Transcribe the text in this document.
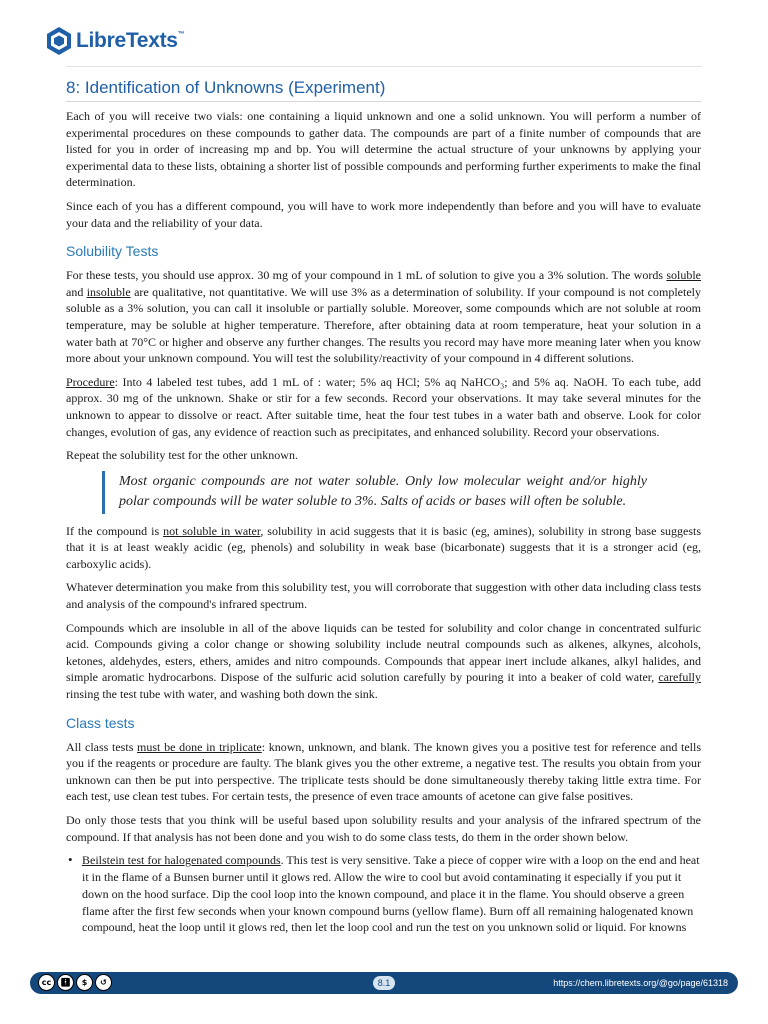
LibreTexts™
8: Identification of Unknowns (Experiment)

Each of you will receive two vials: one containing a liquid unknown and one a solid unknown. You will perform a number of experimental procedures on these compounds to gather data. The compounds are part of a finite number of compounds that are listed for you in order of increasing mp and bp. You will determine the actual structure of your unknowns by applying your experimental data to these lists, obtaining a shorter list of possible compounds and performing further experiments to make the final determination.

Since each of you has a different compound, you will have to work more independently than before and you will have to evaluate your data and the reliability of your data.

Solubility Tests

For these tests, you should use approx. 30 mg of your compound in 1 mL of solution to give you a 3% solution. The words soluble and insoluble are qualitative, not quantitative. We will use 3% as a determination of solubility. If your compound is not completely soluble as a 3% solution, you can call it insoluble or partially soluble. Moreover, some compounds which are not soluble at room temperature, may be soluble at higher temperature. Therefore, after obtaining data at room temperature, heat your solution in a water bath at 70°C or higher and observe any further changes. The results you record may have more meaning later when you know more about your unknown compound. You will test the solubility/reactivity of your compound in 4 different solutions.

Procedure: Into 4 labeled test tubes, add 1 mL of : water; 5% aq HCl; 5% aq NaHCO₃; and 5% aq. NaOH. To each tube, add approx. 30 mg of the unknown. Shake or stir for a few seconds. Record your observations. It may take several minutes for the unknown to appear to dissolve or react. After suitable time, heat the four test tubes in a water bath and observe. Look for color changes, evolution of gas, any evidence of reaction such as precipitates, and enhanced solubility. Record your observations.

Repeat the solubility test for the other unknown.

Most organic compounds are not water soluble. Only low molecular weight and/or highly polar compounds will be water soluble to 3%. Salts of acids or bases will often be soluble.

If the compound is not soluble in water, solubility in acid suggests that it is basic (eg, amines), solubility in strong base suggests that it is at least weakly acidic (eg, phenols) and solubility in weak base (bicarbonate) suggests that it is a stronger acid (eg, carboxylic acids).

Whatever determination you make from this solubility test, you will corroborate that suggestion with other data including class tests and analysis of the compound's infrared spectrum.

Compounds which are insoluble in all of the above liquids can be tested for solubility and color change in concentrated sulfuric acid. Compounds giving a color change or showing solubility include neutral compounds such as alkenes, alkynes, alcohols, ketones, aldehydes, esters, ethers, amides and nitro compounds. Compounds that appear inert include alkanes, alkyl halides, and simple aromatic hydrocarbons. Dispose of the sulfuric acid solution carefully by pouring it into a beaker of cold water, carefully rinsing the test tube with water, and washing both down the sink.

Class tests

All class tests must be done in triplicate: known, unknown, and blank. The known gives you a positive test for reference and tells you if the reagents or procedure are faulty. The blank gives you the other extreme, a negative test. The results you obtain from your unknown can then be put into perspective. The triplicate tests should be done simultaneously thereby taking little extra time. For each test, use clean test tubes. For certain tests, the presence of even trace amounts of acetone can give false positives.

Do only those tests that you think will be useful based upon solubility results and your analysis of the infrared spectrum of the compound. If that analysis has not been done and you wish to do some class tests, do them in the order shown below.

• Beilstein test for halogenated compounds. This test is very sensitive. Take a piece of copper wire with a loop on the end and heat it in the flame of a Bunsen burner until it glows red. Allow the wire to cool but avoid contaminating it especially if you put it down on the hood surface. Dip the cool loop into the known compound, and place it in the flame. You should observe a green flame after the first few seconds when your known compound burns (yellow flame). Burn off all remaining halogenated known compound, heat the loop until it glows red, then let the loop cool and run the test on you unknown solid or liquid. For knowns
cc	🚹︎	$	↺	8.1	https://chem.libretexts.org/@go/page/61318
